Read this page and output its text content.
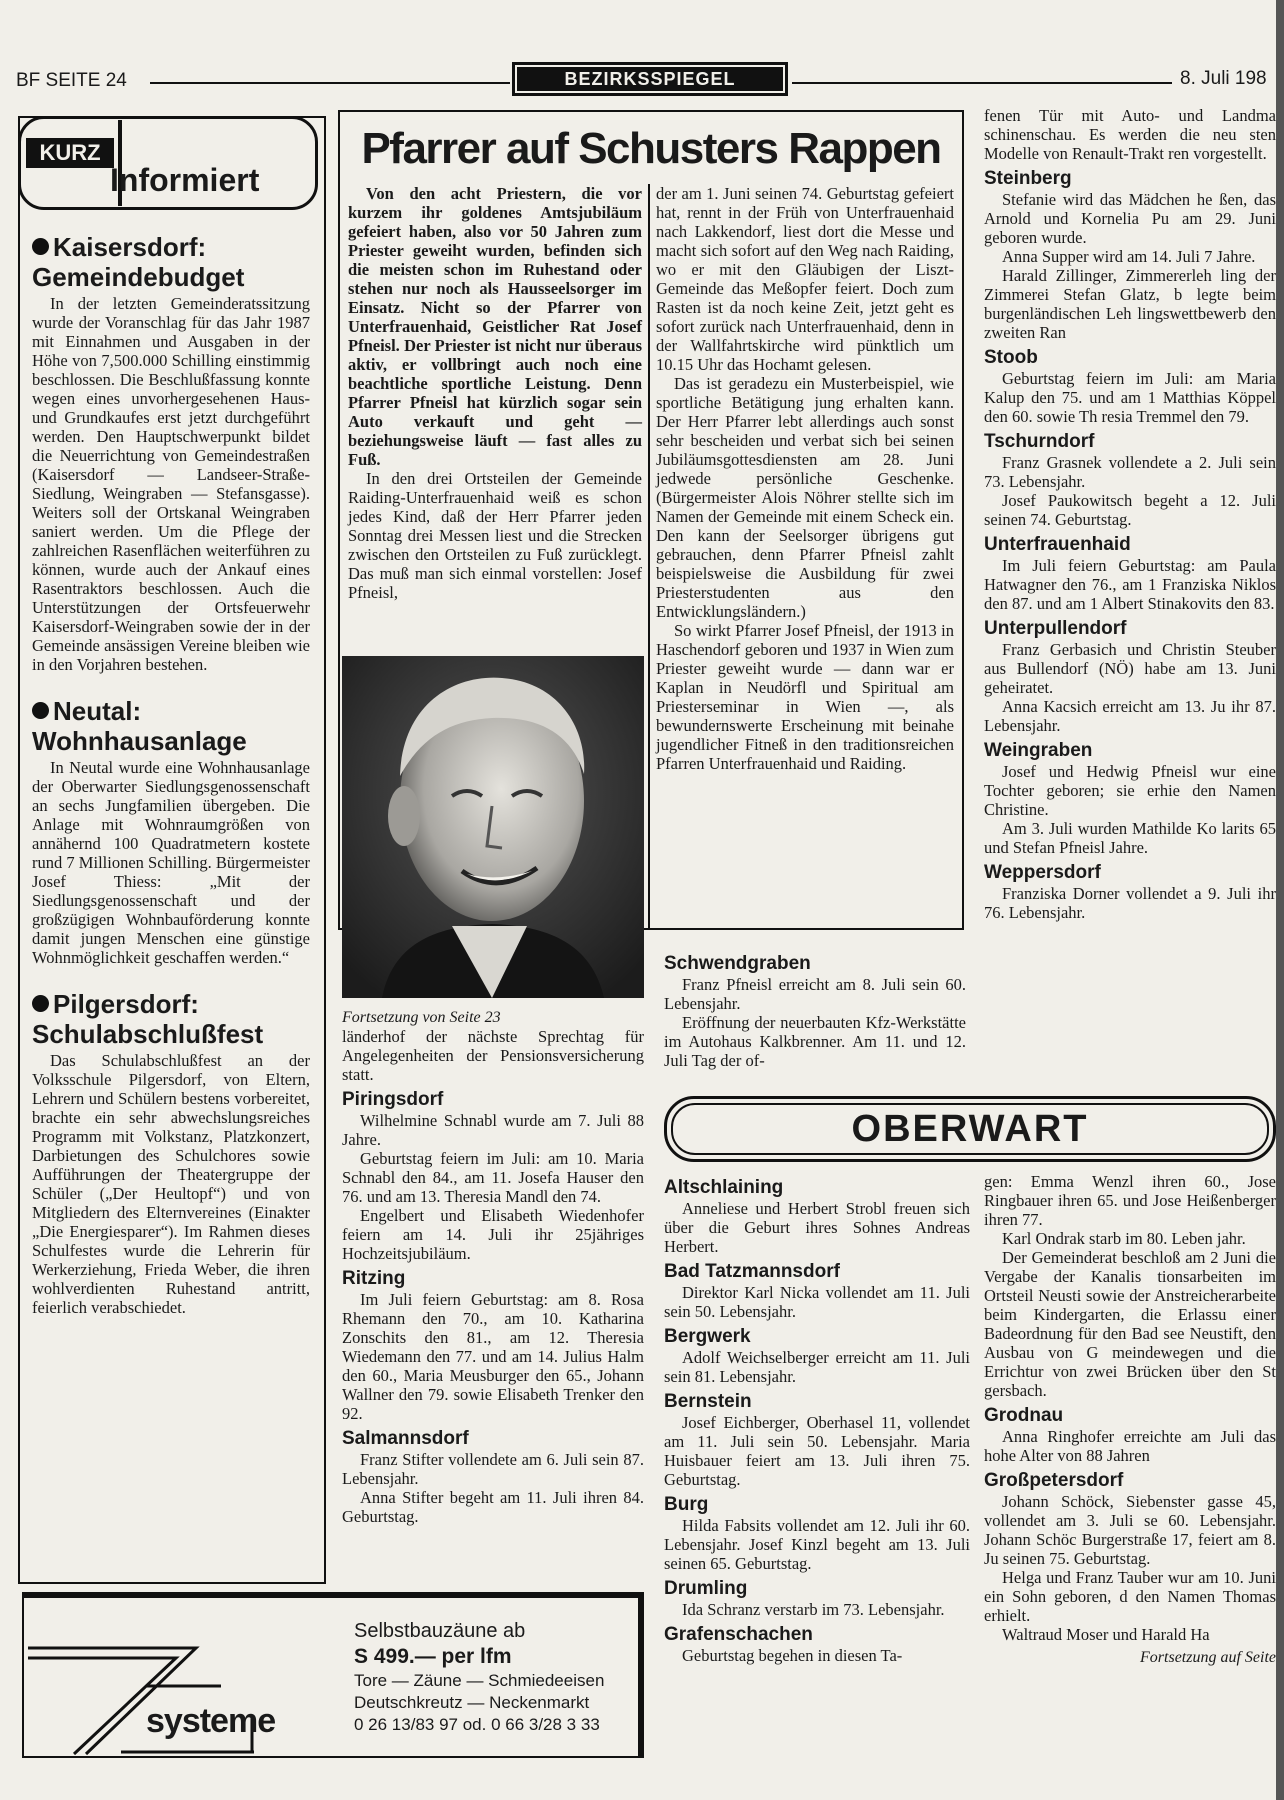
BF SEITE 24	BEZIRKSSPIEGEL	8. Juli 198
KURZ
Informiert
Kaisersdorf:
Gemeindebudget

In der letzten Gemeinderatssitzung wurde der Voranschlag für das Jahr 1987 mit Einnahmen und Ausgaben in der Höhe von 7,500.000 Schilling einstimmig beschlossen. Die Beschlußfassung konnte wegen eines unvorhergesehenen Haus- und Grundkaufes erst jetzt durchgeführt werden. Den Hauptschwerpunkt bildet die Neuerrichtung von Gemeindestraßen (Kaisersdorf — Landseer-Straße-Siedlung, Weingraben — Stefansgasse). Weiters soll der Ortskanal Weingraben saniert werden. Um die Pflege der zahlreichen Rasenflächen weiterführen zu können, wurde auch der Ankauf eines Rasentraktors beschlossen. Auch die Unterstützungen der Ortsfeuerwehr Kaisersdorf-Weingraben sowie der in der Gemeinde ansässigen Vereine bleiben wie in den Vorjahren bestehen.

Neutal:
Wohnhausanlage

In Neutal wurde eine Wohnhausanlage der Oberwarter Siedlungsgenossenschaft an sechs Jungfamilien übergeben. Die Anlage mit Wohnraumgrößen von annähernd 100 Quadratmetern kostete rund 7 Millionen Schilling. Bürgermeister Josef Thiess: „Mit der Siedlungsgenossenschaft und der großzügigen Wohnbauförderung konnte damit jungen Menschen eine günstige Wohnmöglichkeit geschaffen werden.“

Pilgersdorf:
Schulabschlußfest

Das Schulabschlußfest an der Volksschule Pilgersdorf, von Eltern, Lehrern und Schülern bestens vorbereitet, brachte ein sehr abwechslungsreiches Programm mit Volkstanz, Platzkonzert, Darbietungen des Schulchores sowie Aufführungen der Theatergruppe der Schüler („Der Heultopf“) und von Mitgliedern des Elternvereines (Einakter „Die Energiesparer“). Im Rahmen dieses Schulfestes wurde die Lehrerin für Werkerziehung, Frieda Weber, die ihren wohlverdienten Ruhestand antritt, feierlich verabschiedet.

Pfarrer auf Schusters Rappen

Von den acht Priestern, die vor kurzem ihr goldenes Amtsjubiläum gefeiert haben, also vor 50 Jahren zum Priester geweiht wurden, befinden sich die meisten schon im Ruhestand oder stehen nur noch als Hausseelsorger im Einsatz. Nicht so der Pfarrer von Unterfrauenhaid, Geistlicher Rat Josef Pfneisl. Der Priester ist nicht nur überaus aktiv, er vollbringt auch noch eine beachtliche sportliche Leistung. Denn Pfarrer Pfneisl hat kürzlich sogar sein Auto verkauft und geht — beziehungsweise läuft — fast alles zu Fuß.

In den drei Ortsteilen der Gemeinde Raiding-Unterfrauenhaid weiß es schon jedes Kind, daß der Herr Pfarrer jeden Sonntag drei Messen liest und die Strecken zwischen den Ortsteilen zu Fuß zurücklegt. Das muß man sich einmal vorstellen: Josef Pfneisl,

der am 1. Juni seinen 74. Geburtstag gefeiert hat, rennt in der Früh von Unterfrauenhaid nach Lakkendorf, liest dort die Messe und macht sich sofort auf den Weg nach Raiding, wo er mit den Gläubigen der Liszt-Gemeinde das Meßopfer feiert. Doch zum Rasten ist da noch keine Zeit, jetzt geht es sofort zurück nach Unterfrauenhaid, denn in der Wallfahrtskirche wird pünktlich um 10.15 Uhr das Hochamt gelesen.

Das ist geradezu ein Musterbeispiel, wie sportliche Betätigung jung erhalten kann. Der Herr Pfarrer lebt allerdings auch sonst sehr bescheiden und verbat sich bei seinen Jubiläumsgottesdiensten am 28. Juni jedwede persönliche Geschenke. (Bürgermeister Alois Nöhrer stellte sich im Namen der Gemeinde mit einem Scheck ein. Den kann der Seelsorger übrigens gut gebrauchen, denn Pfarrer Pfneisl zahlt beispielsweise die Ausbildung für zwei Priesterstudenten aus den Entwicklungsländern.)

So wirkt Pfarrer Josef Pfneisl, der 1913 in Haschendorf geboren und 1937 in Wien zum Priester geweiht wurde — dann war er Kaplan in Neudörfl und Spiritual am Priesterseminar in Wien —, als bewundernswerte Erscheinung mit beinahe jugendlicher Fitneß in den traditionsreichen Pfarren Unterfrauenhaid und Raiding.

Fortsetzung von Seite 23

länderhof der nächste Sprechtag für Angelegenheiten der Pensionsversicherung statt.

Piringsdorf

Wilhelmine Schnabl wurde am 7. Juli 88 Jahre.

Geburtstag feiern im Juli: am 10. Maria Schnabl den 84., am 11. Josefa Hauser den 76. und am 13. Theresia Mandl den 74.

Engelbert und Elisabeth Wiedenhofer feiern am 14. Juli ihr 25jähriges Hochzeitsjubiläum.

Ritzing

Im Juli feiern Geburtstag: am 8. Rosa Rhemann den 70., am 10. Katharina Zonschits den 81., am 12. Theresia Wiedemann den 77. und am 14. Julius Halm den 60., Maria Meusburger den 65., Johann Wallner den 79. sowie Elisabeth Trenker den 92.

Salmannsdorf

Franz Stifter vollendete am 6. Juli sein 87. Lebensjahr.

Anna Stifter begeht am 11. Juli ihren 84. Geburtstag.

Schwendgraben

Franz Pfneisl erreicht am 8. Juli sein 60. Lebensjahr.

Eröffnung der neuerbauten Kfz-Werkstätte im Autohaus Kalkbrenner. Am 11. und 12. Juli Tag der of-

fenen Tür mit Auto- und Landma schinenschau. Es werden die neu sten Modelle von Renault-Trakt ren vorgestellt.

Steinberg

Stefanie wird das Mädchen he ßen, das Arnold und Kornelia Pu am 29. Juni geboren wurde.

Anna Supper wird am 14. Juli 7 Jahre.

Harald Zillinger, Zimmererleh ling der Zimmerei Stefan Glatz, b legte beim burgenländischen Leh lingswettbewerb den zweiten Ran

Stoob

Geburtstag feiern im Juli: am Maria Kalup den 75. und am 1 Matthias Köppel den 60. sowie Th resia Tremmel den 79.

Tschurndorf

Franz Grasnek vollendete a 2. Juli sein 73. Lebensjahr.

Josef Paukowitsch begeht a 12. Juli seinen 74. Geburtstag.

Unterfrauenhaid

Im Juli feiern Geburtstag: am Paula Hatwagner den 76., am 1 Franziska Niklos den 87. und am 1 Albert Stinakovits den 83.

Unterpullendorf

Franz Gerbasich und Christin Steuber aus Bullendorf (NÖ) habe am 13. Juni geheiratet.

Anna Kacsich erreicht am 13. Ju ihr 87. Lebensjahr.

Weingraben

Josef und Hedwig Pfneisl wur eine Tochter geboren; sie erhie den Namen Christine.

Am 3. Juli wurden Mathilde Ko larits 65 und Stefan Pfneisl Jahre.

Weppersdorf

Franziska Dorner vollendet a 9. Juli ihr 76. Lebensjahr.

OBERWART
Altschlaining

Anneliese und Herbert Strobl freuen sich über die Geburt ihres Sohnes Andreas Herbert.

Bad Tatzmannsdorf

Direktor Karl Nicka vollendet am 11. Juli sein 50. Lebensjahr.

Bergwerk

Adolf Weichselberger erreicht am 11. Juli sein 81. Lebensjahr.

Bernstein

Josef Eichberger, Oberhasel 11, vollendet am 11. Juli sein 50. Lebensjahr. Maria Huisbauer feiert am 13. Juli ihren 75. Geburtstag.

Burg

Hilda Fabsits vollendet am 12. Juli ihr 60. Lebensjahr. Josef Kinzl begeht am 13. Juli seinen 65. Geburtstag.

Drumling

Ida Schranz verstarb im 73. Lebensjahr.

Grafenschachen

Geburtstag begehen in diesen Ta-

gen: Emma Wenzl ihren 60., Jose Ringbauer ihren 65. und Jose Heißenberger ihren 77.

Karl Ondrak starb im 80. Leben jahr.

Der Gemeinderat beschloß am 2 Juni die Vergabe der Kanalis tionsarbeiten im Ortsteil Neusti sowie der Anstreicherarbeite beim Kindergarten, die Erlassu einer Badeordnung für den Bad see Neustift, den Ausbau von G meindewegen und die Errichtur von zwei Brücken über den St gersbach.

Grodnau

Anna Ringhofer erreichte am Juli das hohe Alter von 88 Jahren

Großpetersdorf

Johann Schöck, Siebenster gasse 45, vollendet am 3. Juli se 60. Lebensjahr. Johann Schöc Burgerstraße 17, feiert am 8. Ju seinen 75. Geburtstag.

Helga und Franz Tauber wur am 10. Juni ein Sohn geboren, d den Namen Thomas erhielt.

Waltraud Moser und Harald Ha

Fortsetzung auf Seite
systeme
Selbstbauzäune ab
S 499.— per lfm
Tore — Zäune — Schmiedeeisen
Deutschkreutz — Neckenmarkt
0 26 13/83 97 od. 0 66 3/28 3 33
